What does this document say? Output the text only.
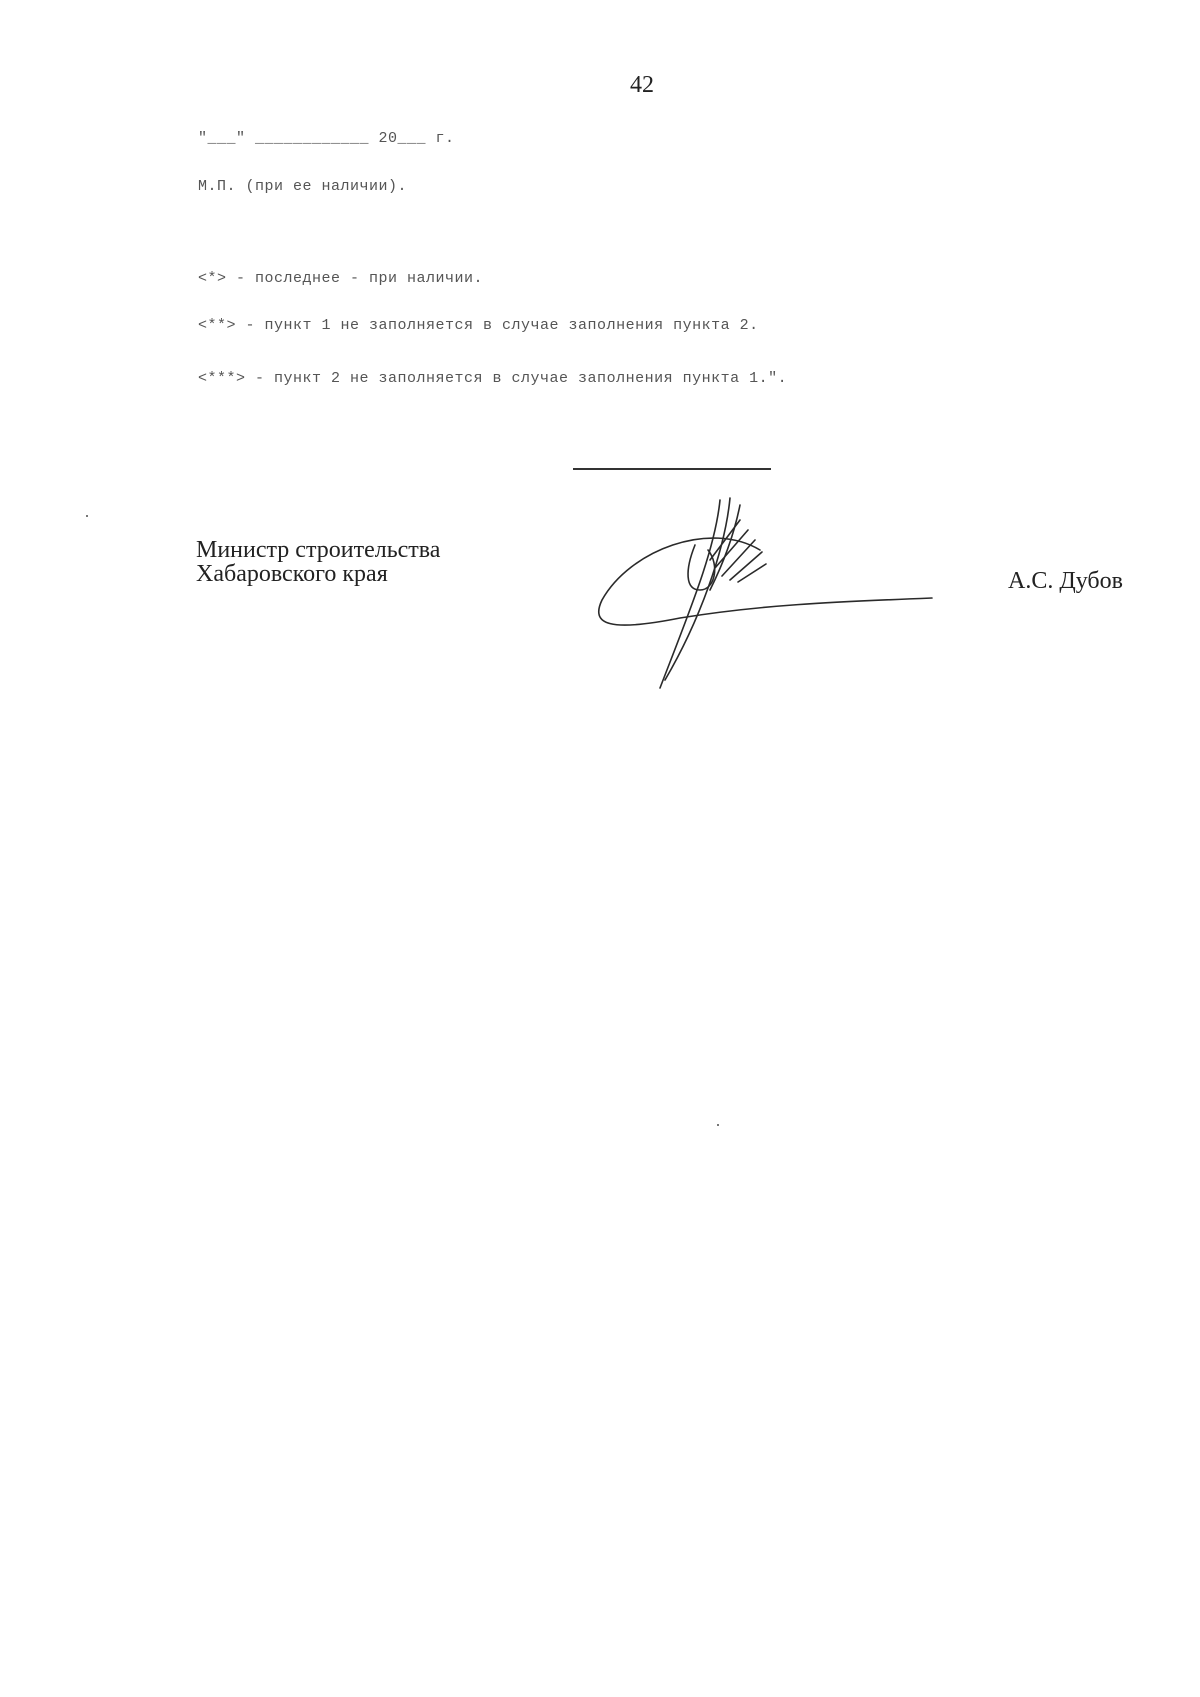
42
"___" ____________ 20___ г.
М.П. (при ее наличии).
<*> - последнее - при наличии.
<**> - пункт 1 не заполняется в случае заполнения пункта 2.
<***> - пункт 2 не заполняется в случае заполнения пункта 1.".
Министр строительства
Хабаровского края	А.С. Дубов
